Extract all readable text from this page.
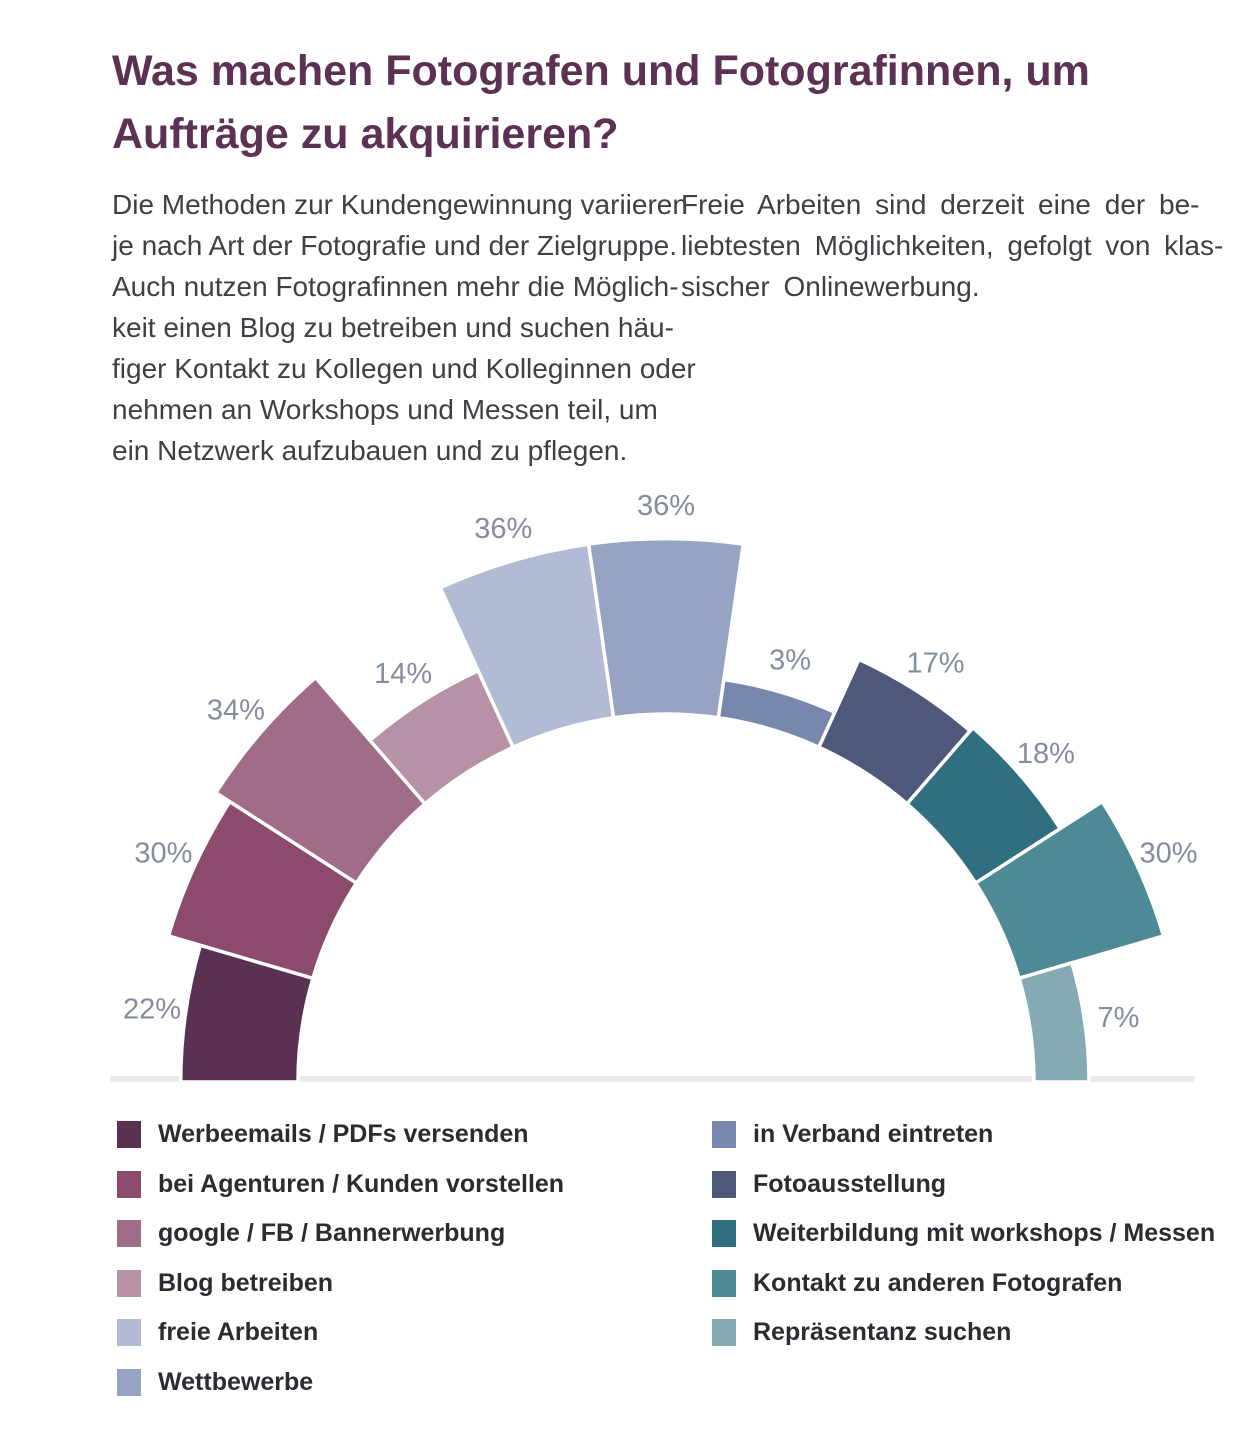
Was machen Fotografen und Fotografinnen, um Aufträge zu akquirieren?
Die Methoden zur Kundengewinnung variieren
je nach Art der Fotografie und der Zielgruppe.
Auch nutzen Fotografinnen mehr die Möglich-
keit einen Blog zu betreiben und suchen häu-
figer Kontakt zu Kollegen und Kolleginnen oder
nehmen an Workshops und Messen teil, um
ein Netzwerk aufzubauen und zu pflegen.
Freie Arbeiten sind derzeit eine der be-
liebtesten Möglichkeiten, gefolgt von klas-
sischer Onlinewerbung.
22%
30%
34%
14%
36%
36%
3%	17%
18%
30%
7%
Werbeemails / PDFs versenden
bei Agenturen / Kunden vorstellen
google / FB / Bannerwerbung
Blog betreiben
freie Arbeiten
Wettbewerbe
in Verband eintreten
Fotoausstellung
Weiterbildung mit workshops / Messen
Kontakt zu anderen Fotografen
Repräsentanz suchen
